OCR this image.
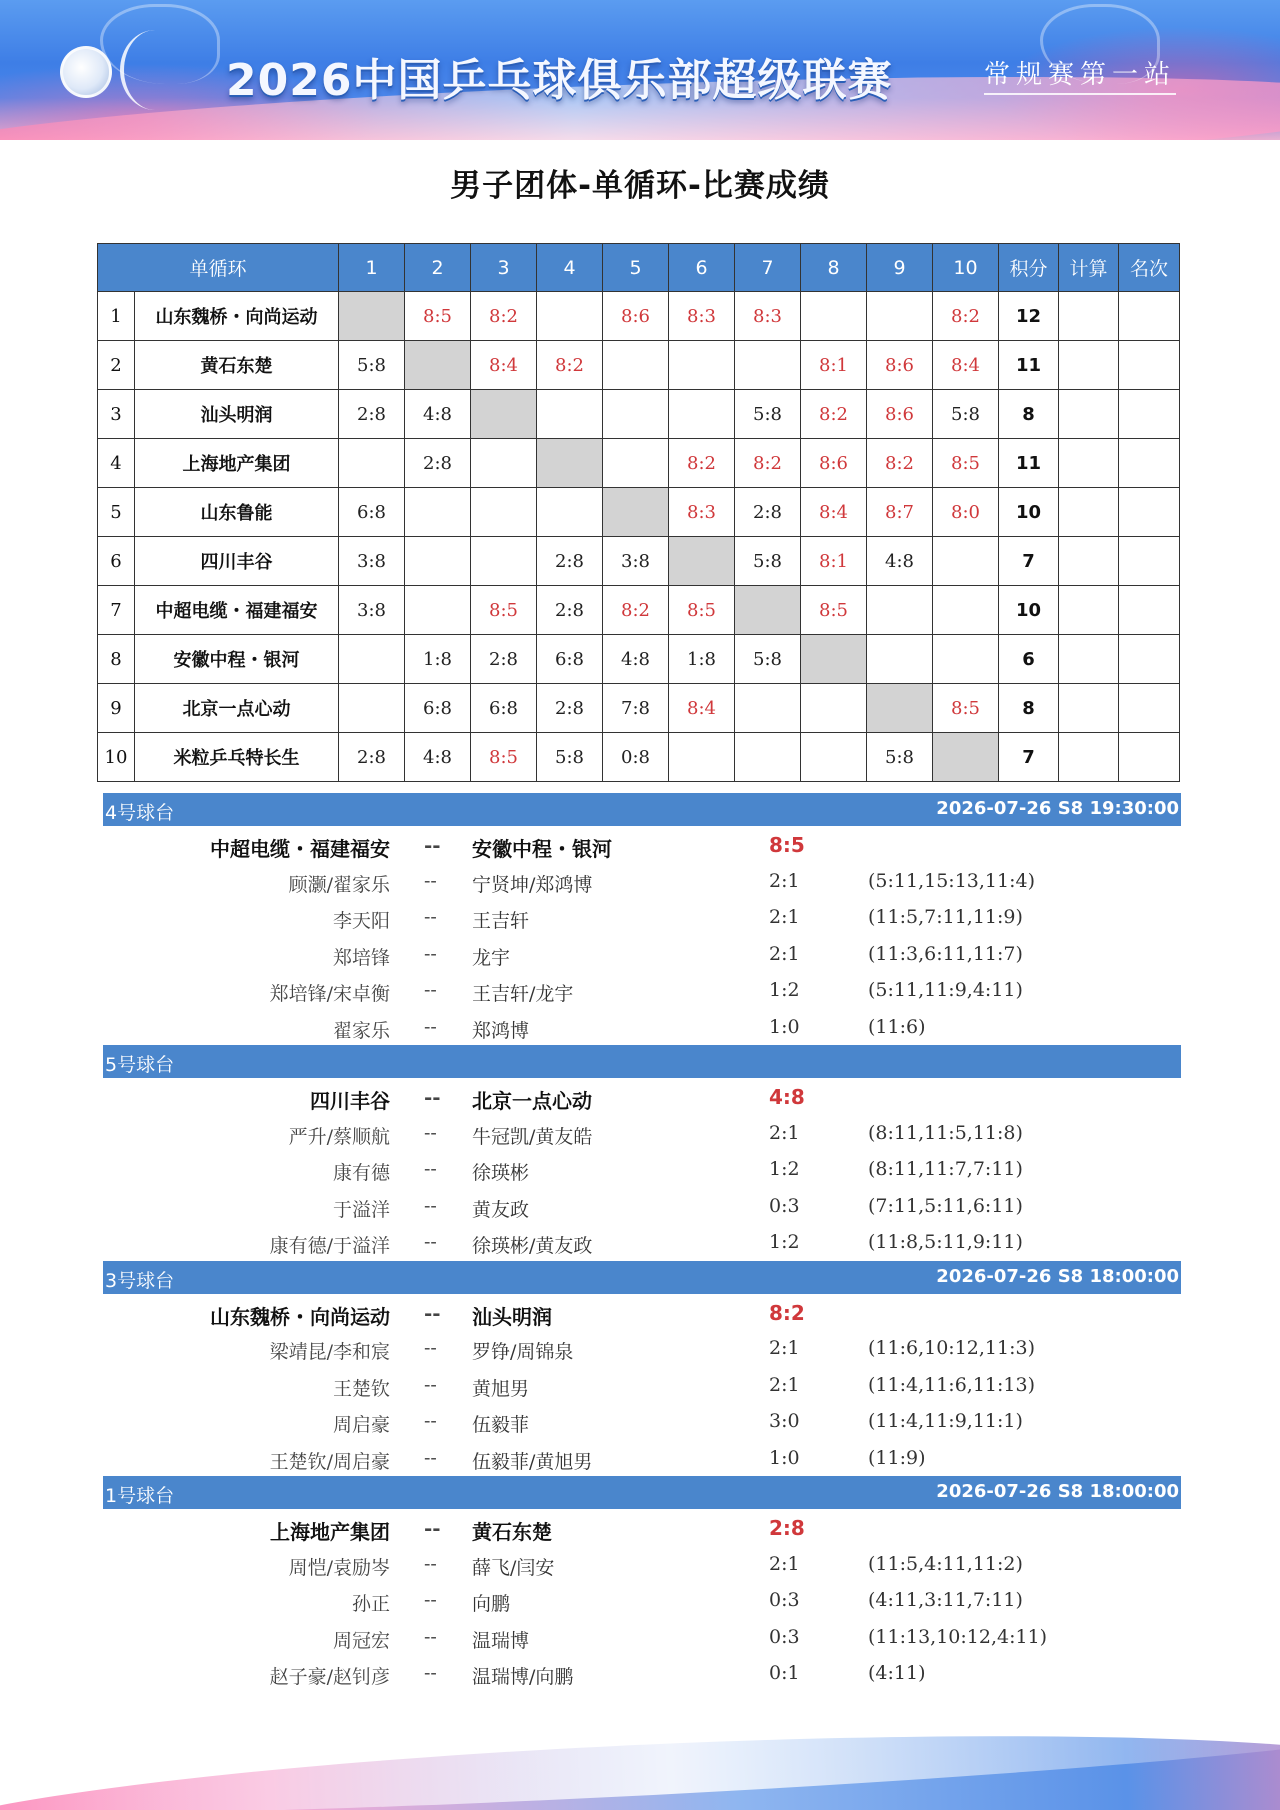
2026中国乒乓球俱乐部超级联赛	常规赛第一站
男子团体-单循环-比赛成绩
单循环		1	2	3	4	5	6	7	8	9	10	积分	计算	名次
1	山东魏桥・向尚运动		8:5	8:2		8:6	8:3	8:3			8:2	12		
2	黄石东楚	5:8		8:4	8:2				8:1	8:6	8:4	11		
3	汕头明润	2:8	4:8					5:8	8:2	8:6	5:8	8		
4	上海地产集团		2:8				8:2	8:2	8:6	8:2	8:5	11		
5	山东鲁能	6:8					8:3	2:8	8:4	8:7	8:0	10		
6	四川丰谷	3:8			2:8	3:8		5:8	8:1	4:8		7		
7	中超电缆・福建福安	3:8		8:5	2:8	8:2	8:5		8:5			10		
8	安徽中程・银河		1:8	2:8	6:8	4:8	1:8	5:8				6		
9	北京一点心动		6:8	6:8	2:8	7:8	8:4				8:5	8		
10	米粒乒乓特长生	2:8	4:8	8:5	5:8	0:8				5:8		7		
4号球台	2026-07-26 S8 19:30:00
中超电缆・福建福安 -- 安徽中程・银河	8:5
顾灏/翟家乐 -- 宁贤坤/郑鸿博	2:1	(5:11,15:13,11:4)
李天阳 -- 王吉轩	2:1	(11:5,7:11,11:9)
郑培锋 -- 龙宇	2:1	(11:3,6:11,11:7)
郑培锋/宋卓衡 -- 王吉轩/龙宇	1:2	(5:11,11:9,4:11)
翟家乐 -- 郑鸿博	1:0	(11:6)
5号球台
四川丰谷 -- 北京一点心动	4:8
严升/蔡顺航 -- 牛冠凯/黄友皓	2:1	(8:11,11:5,11:8)
康有德 -- 徐瑛彬	1:2	(8:11,11:7,7:11)
于溢洋 -- 黄友政	0:3	(7:11,5:11,6:11)
康有德/于溢洋 -- 徐瑛彬/黄友政	1:2	(11:8,5:11,9:11)
3号球台	2026-07-26 S8 18:00:00
山东魏桥・向尚运动 -- 汕头明润	8:2
梁靖昆/李和宸 -- 罗铮/周锦泉	2:1	(11:6,10:12,11:3)
王楚钦 -- 黄旭男	2:1	(11:4,11:6,11:13)
周启豪 -- 伍毅菲	3:0	(11:4,11:9,11:1)
王楚钦/周启豪 -- 伍毅菲/黄旭男	1:0	(11:9)
1号球台	2026-07-26 S8 18:00:00
上海地产集团 -- 黄石东楚	2:8
周恺/袁励岑 -- 薛飞/闫安	2:1	(11:5,4:11,11:2)
孙正 -- 向鹏	0:3	(4:11,3:11,7:11)
周冠宏 -- 温瑞博	0:3	(11:13,10:12,4:11)
赵子豪/赵钊彦 -- 温瑞博/向鹏	0:1	(4:11)
